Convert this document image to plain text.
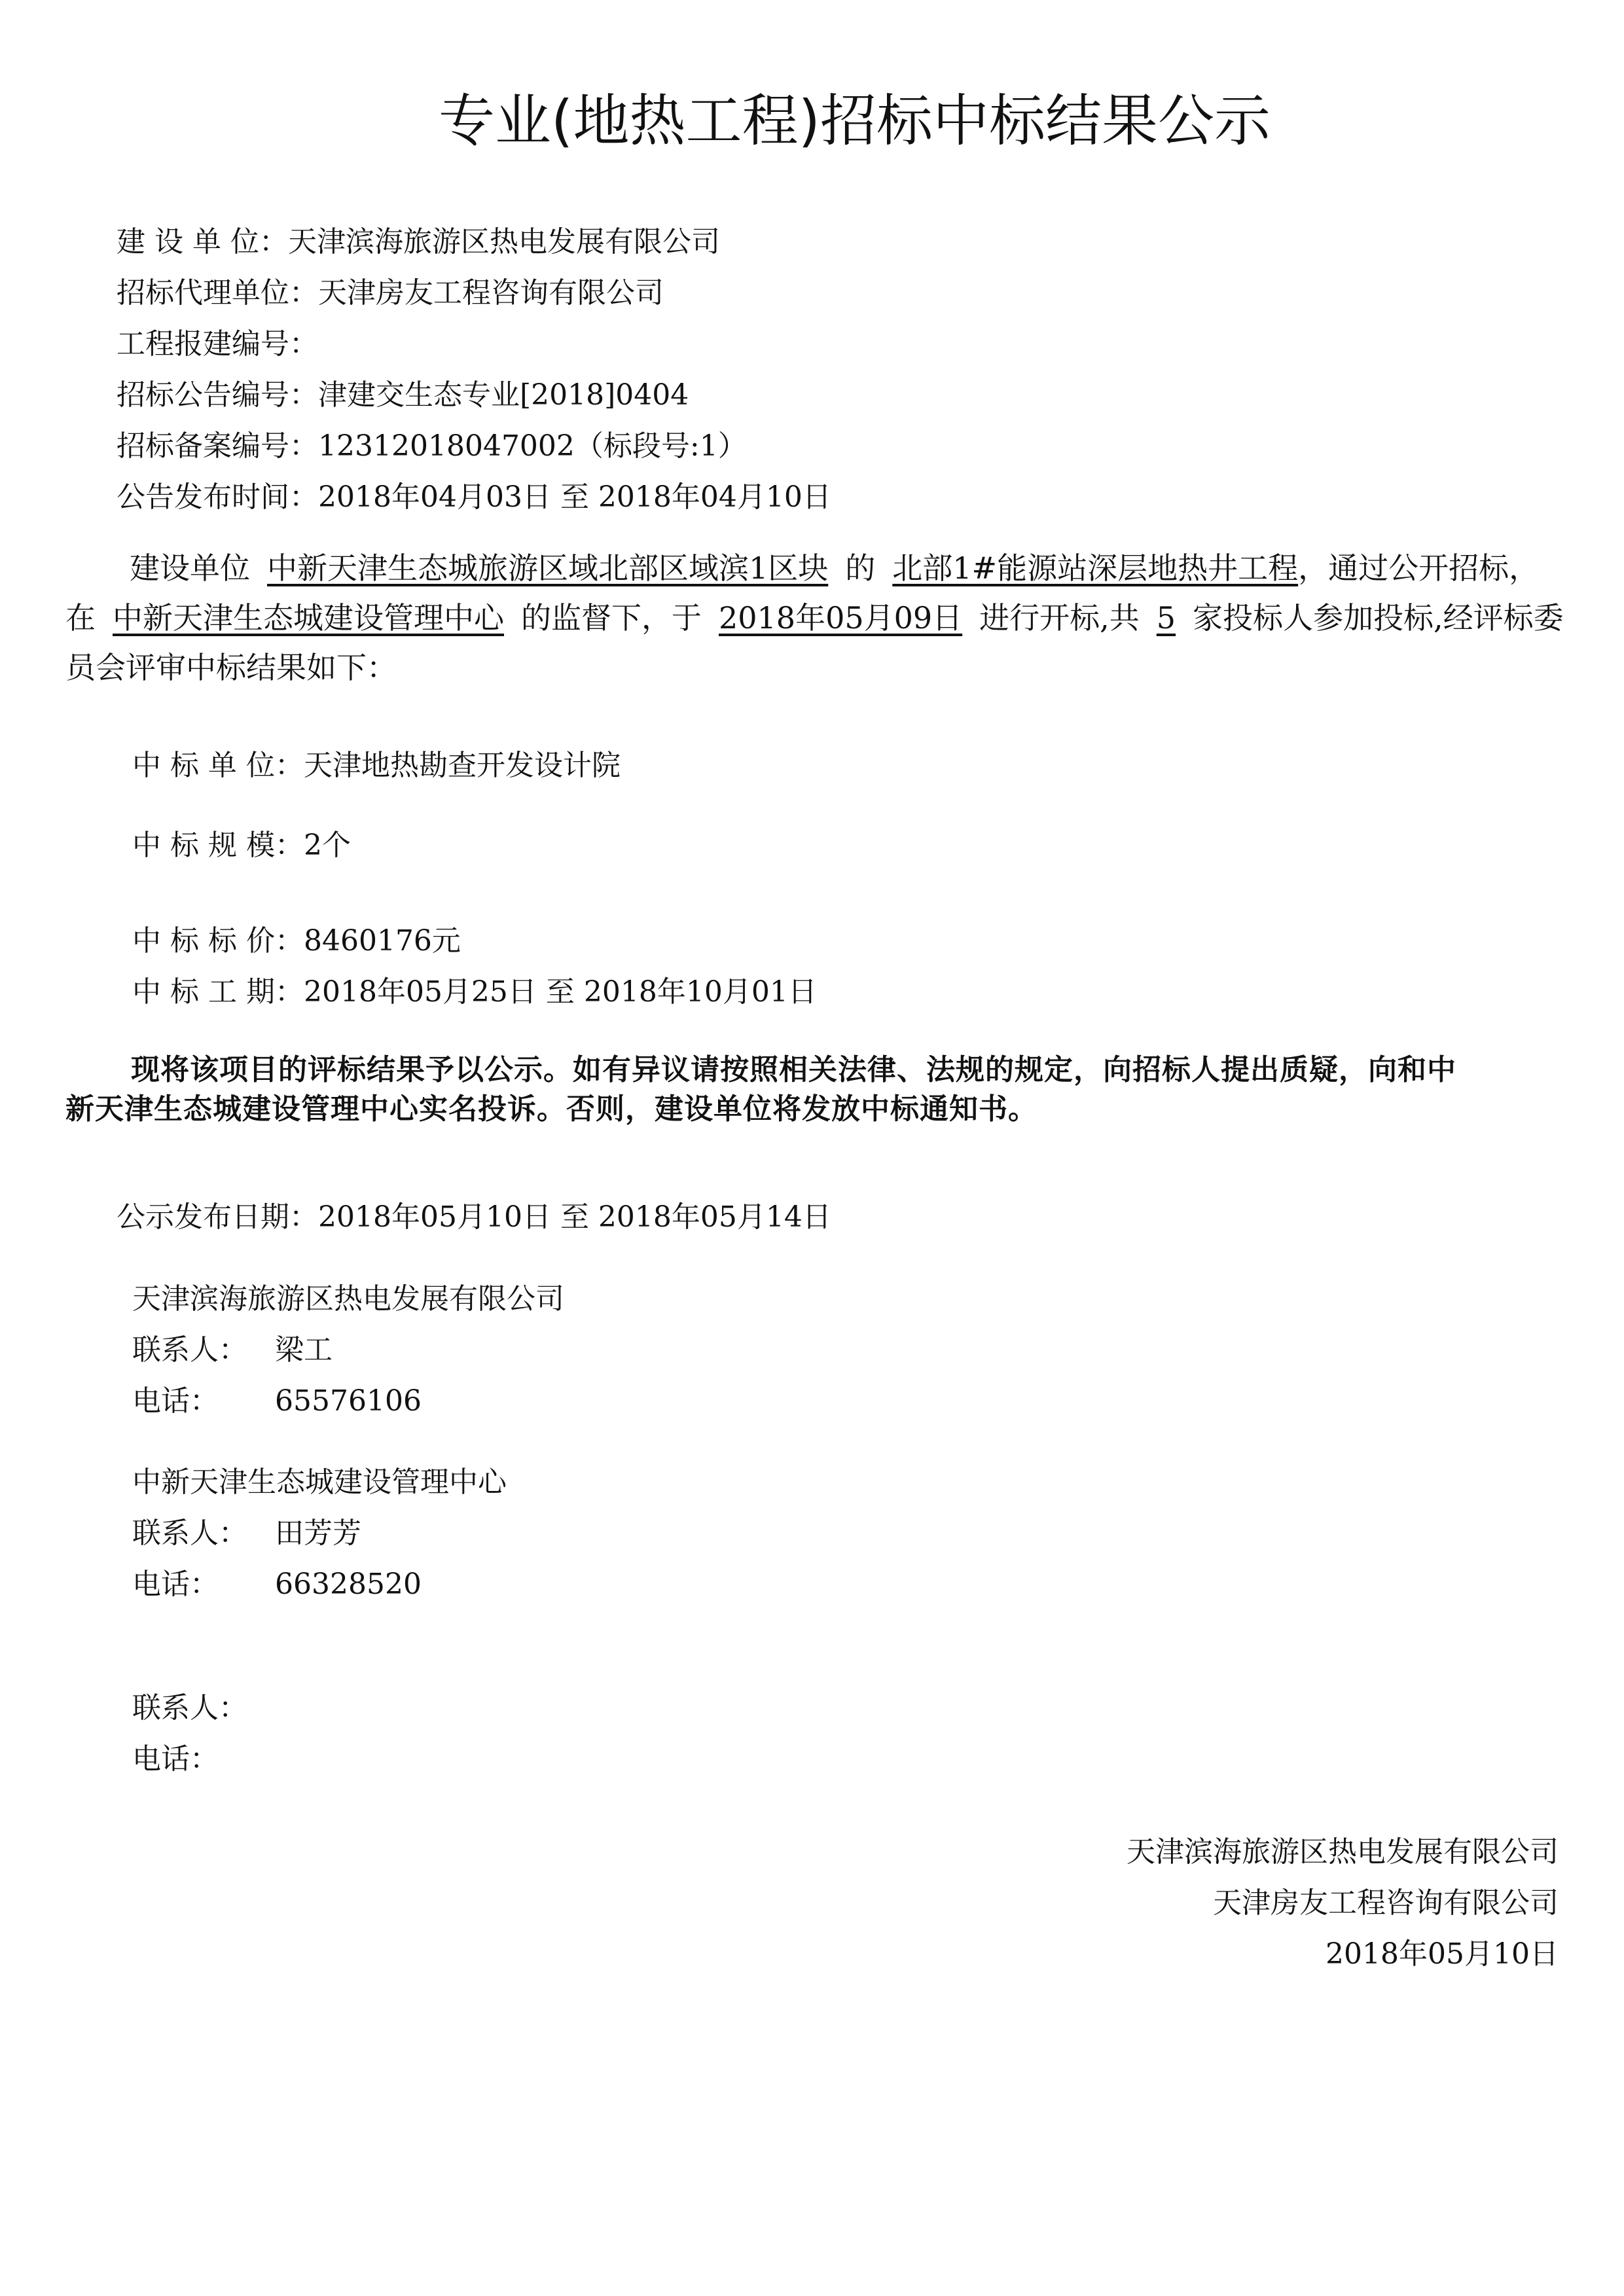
专业(地热工程)招标中标结果公示
建 设 单 位：天津滨海旅游区热电发展有限公司
招标代理单位：天津房友工程咨询有限公司
工程报建编号：
招标公告编号：津建交生态专业[2018]0404
招标备案编号：12312018047002（标段号:1）
公告发布时间：2018年04月03日 至 2018年04月10日
建设单位 中新天津生态城旅游区域北部区域滨1区块 的 北部1#能源站深层地热井工程，通过公开招标，在 中新天津生态城建设管理中心 的监督下，于 2018年05月09日 进行开标,共 5 家投标人参加投标,经评标委员会评审中标结果如下：
中 标 单 位：天津地热勘查开发设计院
中 标 规 模：2个
中 标 标 价：8460176元
中 标 工 期：2018年05月25日 至 2018年10月01日
现将该项目的评标结果予以公示。如有异议请按照相关法律、法规的规定，向招标人提出质疑，向和中新天津生态城建设管理中心实名投诉。否则，建设单位将发放中标通知书。
公示发布日期：2018年05月10日 至 2018年05月14日
天津滨海旅游区热电发展有限公司
联系人： 梁工
电话： 65576106
中新天津生态城建设管理中心
联系人： 田芳芳
电话： 66328520
联系人：
电话：
天津滨海旅游区热电发展有限公司
天津房友工程咨询有限公司
2018年05月10日
